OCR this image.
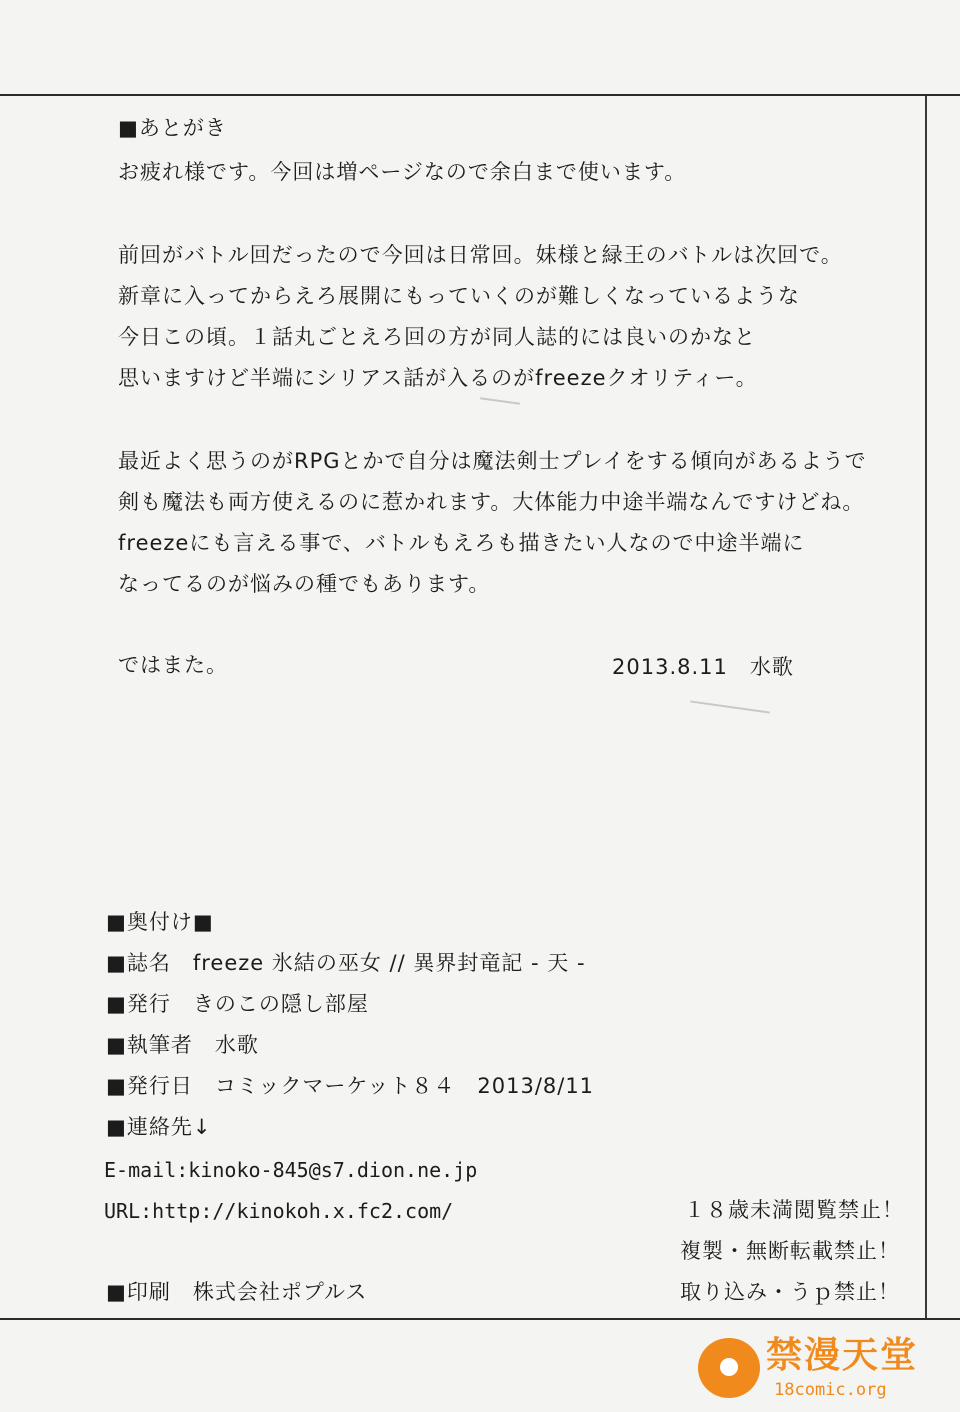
■あとがき
お疲れ様です。今回は増ページなので余白まで使います。
前回がバトル回だったので今回は日常回。妹様と緑王のバトルは次回で。
新章に入ってからえろ展開にもっていくのが難しくなっているような
今日この頃。１話丸ごとえろ回の方が同人誌的には良いのかなと
思いますけど半端にシリアス話が入るのがfreezeクオリティー。
最近よく思うのがRPGとかで自分は魔法剣士プレイをする傾向があるようで
剣も魔法も両方使えるのに惹かれます。大体能力中途半端なんですけどね。
freezeにも言える事で、バトルもえろも描きたい人なので中途半端に
なってるのが悩みの種でもあります。
ではまた。	2013.8.11　水歌
■奥付け■
■誌名　freeze 氷結の巫女 // 異界封竜記 - 天 -
■発行　きのこの隠し部屋
■執筆者　水歌
■発行日　コミックマーケット８４　2013/8/11
■連絡先↓
E-mail:kinoko-845@s7.dion.ne.jp
URL:http://kinokoh.x.fc2.com/
■印刷　株式会社ポプルス
１８歳未満閲覧禁止！
複製・無断転載禁止！
取り込み・うｐ禁止！
禁漫天堂
18comic.org
